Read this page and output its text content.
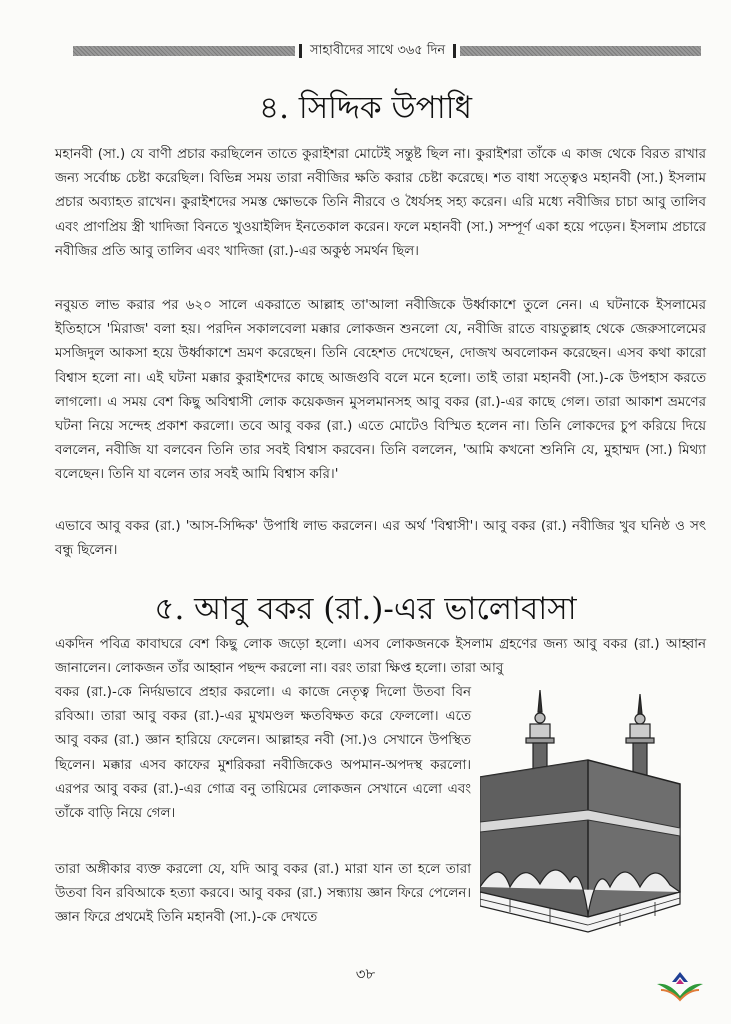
সাহাবীদের সাথে ৩৬৫ দিন
৪. সিদ্দিক উপাধি
মহানবী (সা.) যে বাণী প্রচার করছিলেন তাতে কুরাইশরা মোটেই সন্তুষ্ট ছিল না। কুরাইশরা তাঁকে এ কাজ থেকে বিরত রাখার জন্য সর্বোচ্চ চেষ্টা করেছিল। বিভিন্ন সময় তারা নবীজির ক্ষতি করার চেষ্টা করেছে। শত বাধা সত্ত্বেও মহানবী (সা.) ইসলাম প্রচার অব্যাহত রাখেন। কুরাইশদের সমস্ত ক্ষোভকে তিনি নীরবে ও ধৈর্যসহ সহ্য করেন। এরি মধ্যে নবীজির চাচা আবু তালিব এবং প্রাণপ্রিয় স্ত্রী খাদিজা বিনতে খুওয়াইলিদ ইনতেকাল করেন। ফলে মহানবী (সা.) সম্পূর্ণ একা হয়ে পড়েন। ইসলাম প্রচারে নবীজির প্রতি আবু তালিব এবং খাদিজা (রা.)-এর অকুণ্ঠ সমর্থন ছিল।
নবুয়ত লাভ করার পর ৬২০ সালে একরাতে আল্লাহ তা'আলা নবীজিকে উর্ধ্বাকাশে তুলে নেন। এ ঘটনাকে ইসলামের ইতিহাসে 'মিরাজ' বলা হয়। পরদিন সকালবেলা মক্কার লোকজন শুনলো যে, নবীজি রাতে বায়তুল্লাহ থেকে জেরুসালেমের মসজিদুল আকসা হয়ে উর্ধ্বাকাশে ভ্রমণ করেছেন। তিনি বেহেশত দেখেছেন, দোজখ অবলোকন করেছেন। এসব কথা কারো বিশ্বাস হলো না। এই ঘটনা মক্কার কুরাইশদের কাছে আজগুবি বলে মনে হলো। তাই তারা মহানবী (সা.)-কে উপহাস করতে লাগলো। এ সময় বেশ কিছু অবিশ্বাসী লোক কয়েকজন মুসলমানসহ আবু বকর (রা.)-এর কাছে গেল। তারা আকাশ ভ্রমণের ঘটনা নিয়ে সন্দেহ প্রকাশ করলো। তবে আবু বকর (রা.) এতে মোটেও বিস্মিত হলেন না। তিনি লোকদের চুপ করিয়ে দিয়ে বললেন, নবীজি যা বলবেন তিনি তার সবই বিশ্বাস করবেন। তিনি বললেন, 'আমি কখনো শুনিনি যে, মুহাম্মদ (সা.) মিথ্যা বলেছেন। তিনি যা বলেন তার সবই আমি বিশ্বাস করি।'
এভাবে আবু বকর (রা.) 'আস-সিদ্দিক' উপাধি লাভ করলেন। এর অর্থ 'বিশ্বাসী'। আবু বকর (রা.) নবীজির খুব ঘনিষ্ঠ ও সৎ বন্ধু ছিলেন।
৫. আবু বকর (রা.)-এর ভালোবাসা
একদিন পবিত্র কাবাঘরে বেশ কিছু লোক জড়ো হলো। এসব লোকজনকে ইসলাম গ্রহণের জন্য আবু বকর (রা.) আহ্বান জানালেন। লোকজন তাঁর আহ্বান পছন্দ করলো না। বরং তারা ক্ষিপ্ত হলো। তারা আবু
বকর (রা.)-কে নির্দয়ভাবে প্রহার করলো। এ কাজে নেতৃত্ব দিলো উতবা বিন রবিআ। তারা আবু বকর (রা.)-এর মুখমণ্ডল ক্ষতবিক্ষত করে ফেললো। এতে আবু বকর (রা.) জ্ঞান হারিয়ে ফেলেন। আল্লাহর নবী (সা.)ও সেখানে উপস্থিত ছিলেন। মক্কার এসব কাফের মুশরিকরা নবীজিকেও অপমান-অপদস্থ করলো। এরপর আবু বকর (রা.)-এর গোত্র বনু তায়িমের লোকজন সেখানে এলো এবং তাঁকে বাড়ি নিয়ে গেল।
তারা অঙ্গীকার ব্যক্ত করলো যে, যদি আবু বকর (রা.) মারা যান তা হলে তারা উতবা বিন রবিআকে হত্যা করবে। আবু বকর (রা.) সন্ধ্যায় জ্ঞান ফিরে পেলেন। জ্ঞান ফিরে প্রথমেই তিনি মহানবী (সা.)-কে দেখতে
৩৮
